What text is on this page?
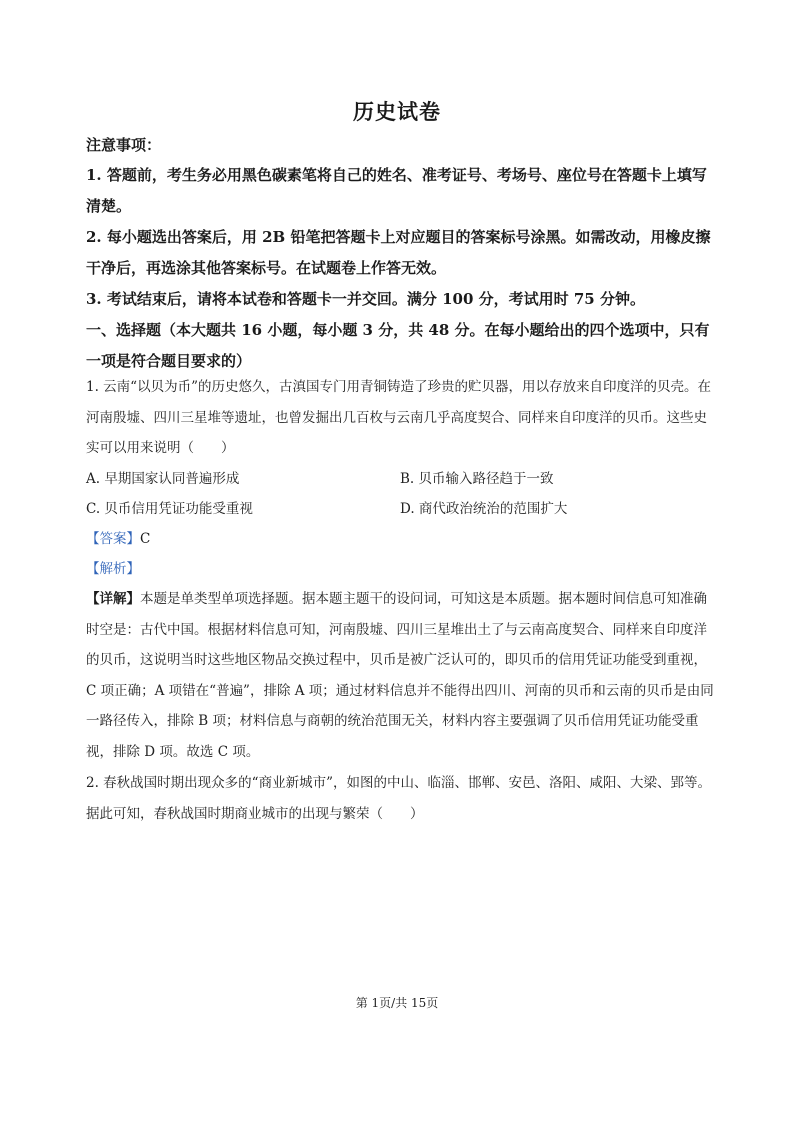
历史试卷
注意事项：
1. 答题前，考生务必用黑色碳素笔将自己的姓名、准考证号、考场号、座位号在答题卡上填写清楚。
2. 每小题选出答案后，用 2B 铅笔把答题卡上对应题目的答案标号涂黑。如需改动，用橡皮擦干净后，再选涂其他答案标号。在试题卷上作答无效。
3. 考试结束后，请将本试卷和答题卡一并交回。满分 100 分，考试用时 75 分钟。
一、选择题（本大题共 16 小题，每小题 3 分，共 48 分。在每小题给出的四个选项中，只有一项是符合题目要求的）
1. 云南“以贝为币”的历史悠久，古滇国专门用青铜铸造了珍贵的贮贝器，用以存放来自印度洋的贝壳。在河南殷墟、四川三星堆等遗址，也曾发掘出几百枚与云南几乎高度契合、同样来自印度洋的贝币。这些史实可以用来说明（　　）
A. 早期国家认同普遍形成	B. 贝币输入路径趋于一致
C. 贝币信用凭证功能受重视	D. 商代政治统治的范围扩大
【答案】C
【解析】
【详解】本题是单类型单项选择题。据本题主题干的设问词，可知这是本质题。据本题时间信息可知准确时空是：古代中国。根据材料信息可知，河南殷墟、四川三星堆出土了与云南高度契合、同样来自印度洋的贝币，这说明当时这些地区物品交换过程中，贝币是被广泛认可的，即贝币的信用凭证功能受到重视，C 项正确；A 项错在“普遍”，排除 A 项；通过材料信息并不能得出四川、河南的贝币和云南的贝币是由同一路径传入，排除 B 项；材料信息与商朝的统治范围无关，材料内容主要强调了贝币信用凭证功能受重视，排除 D 项。故选 C 项。
2. 春秋战国时期出现众多的“商业新城市”，如图的中山、临淄、邯郸、安邑、洛阳、咸阳、大梁、郢等。据此可知，春秋战国时期商业城市的出现与繁荣（　　）
第 1页/共 15页
